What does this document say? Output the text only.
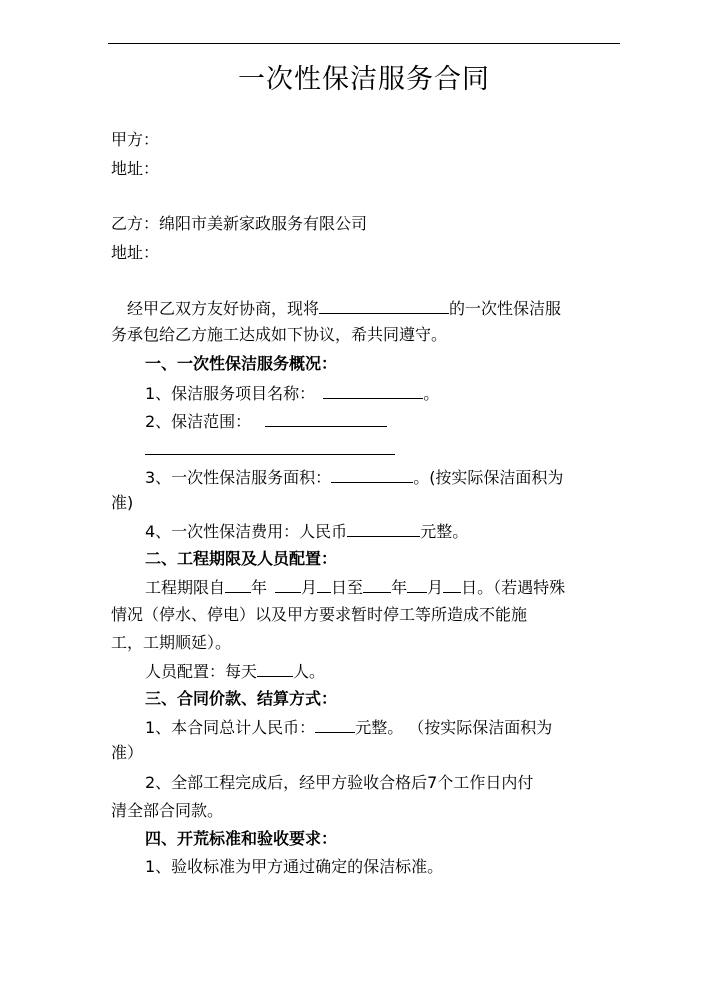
一次性保洁服务合同
甲方：
地址：
乙方：绵阳市美新家政服务有限公司
地址：
经甲乙双方友好协商，现将	的一次性保洁服
务承包给乙方施工达成如下协议，希共同遵守。
一、一次性保洁服务概况：
1、保洁服务项目名称：	。
2、保洁范围：
3、一次性保洁服务面积：	。(按实际保洁面积为
准)
4、一次性保洁费用：人民币	元整。
二、工程期限及人员配置：
工程期限自 年 月 日至 年 月 日。（若遇特殊
情况（停水、停电）以及甲方要求暂时停工等所造成不能施
工，工期顺延）。
人员配置：每天 人。
三、合同价款、结算方式：
1、本合同总计人民币：	元整。 （按实际保洁面积为
准）
2、全部工程完成后，经甲方验收合格后7个工作日内付
清全部合同款。
四、开荒标准和验收要求：
1、验收标准为甲方通过确定的保洁标准。
